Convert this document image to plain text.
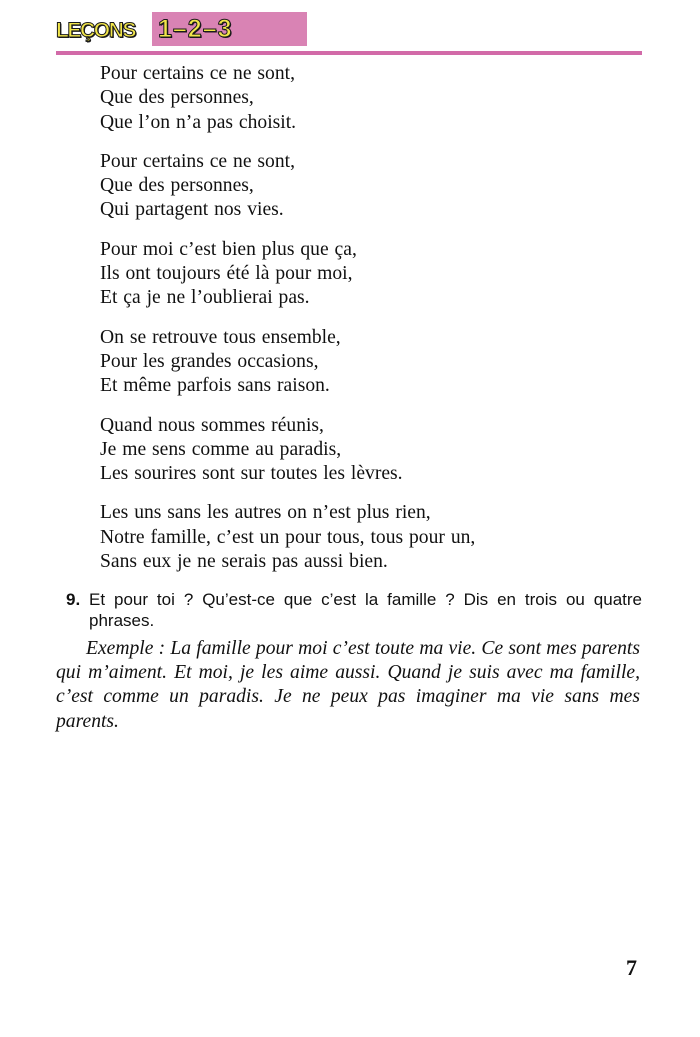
LEÇONS 1–2–3
Pour certains ce ne sont,
Que des personnes,
Que l’on n’a pas choisit.
Pour certains ce ne sont,
Que des personnes,
Qui partagent nos vies.
Pour moi c’est bien plus que ça,
Ils ont toujours été là pour moi,
Et ça je ne l’oublierai pas.
On se retrouve tous ensemble,
Pour les grandes occasions,
Et même parfois sans raison.
Quand nous sommes réunis,
Je me sens comme au paradis,
Les sourires sont sur toutes les lèvres.
Les uns sans les autres on n’est plus rien,
Notre famille, c’est un pour tous, tous pour un,
Sans eux je ne serais pas aussi bien.
9. Et pour toi ? Qu’est-ce que c’est la famille ? Dis en trois ou quatre phrases.
Exemple : La famille pour moi c’est toute ma vie. Ce sont mes parents qui m’aiment. Et moi, je les aime aussi. Quand je suis avec ma famille, c’est comme un paradis. Je ne peux pas imaginer ma vie sans mes parents.
7
